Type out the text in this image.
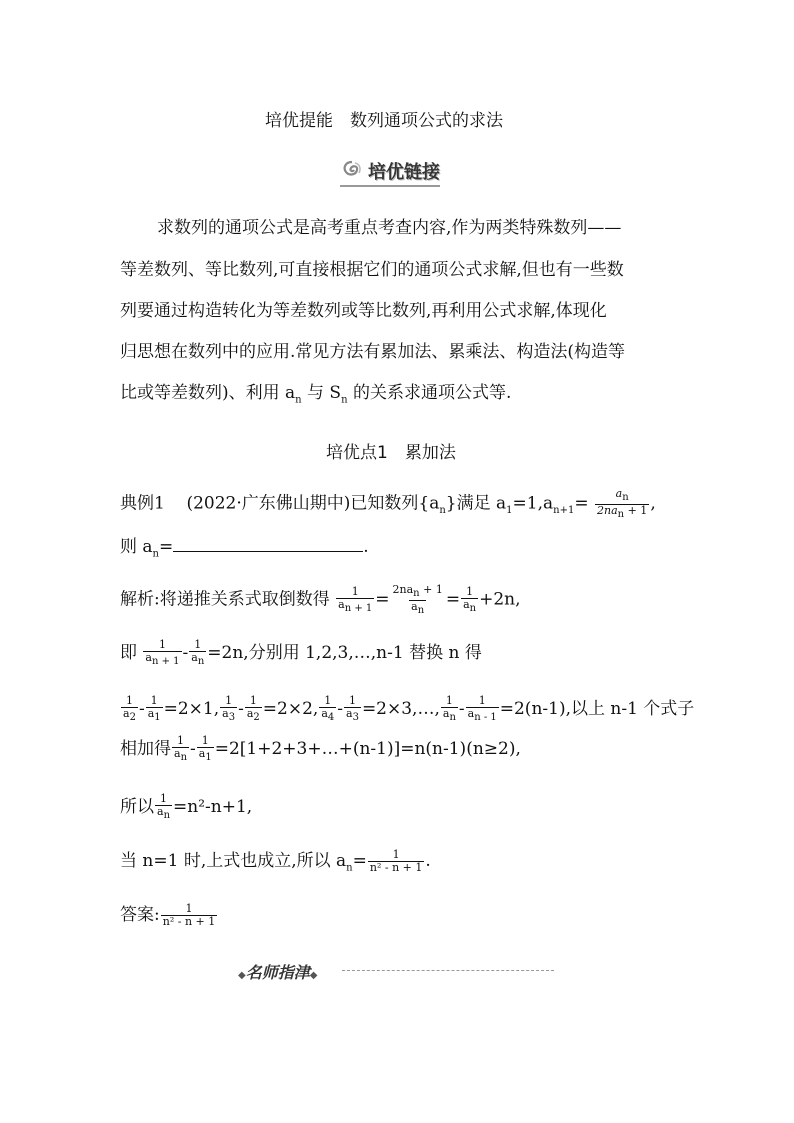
培优提能　数列通项公式的求法
培优链接
求数列的通项公式是高考重点考查内容,作为两类特殊数列——
等差数列、等比数列,可直接根据它们的通项公式求解,但也有一些数
列要通过构造转化为等差数列或等比数列,再利用公式求解,体现化
归思想在数列中的应用.常见方法有累加法、累乘法、构造法(构造等
比或等差数列)、利用 $a_n$ 与 $S_n$ 的关系求通项公式等.
培优点1　累加法
典例1 (2022·广东佛山期中)已知数列$\{a_n\}$满足 $a_1=1,a_{n+1}= \frac{a_n}{2na_n + 1}$ ,
则 $a_n=$	.
解析:将递推关系式取倒数得 $\frac{1}{a_{n + 1}} = \frac{2na_n + 1}{a_n} = \frac{1}{a_n} +2n$,
即 $\frac{1}{a_{n + 1}} - \frac{1}{a_n} =2n$,分别用 1,2,3,…,n-1 替换 n 得
$\frac{1}{a_2} - \frac{1}{a_1} =2\times 1$, $\frac{1}{a_3} - \frac{1}{a_2} =2\times 2$, $\frac{1}{a_4} - \frac{1}{a_3}$ =2×3,…, $\frac{1}{a_n} - \frac{1}{a_{n - 1}} =2(n-1)$,以上 n-1 个式子
相加得 $\frac{1}{a_n} - \frac{1}{a_1}$ =2[1+2+3+…+(n-1)]=n(n-1)(n≥2),
所以 $\frac{1}{a_n} =n^2-n+1$,
当 n=1 时,上式也成立,所以 $a_n= \frac{1}{\text{n² - n + 1}}$ .
答案: $\frac{1}{\text{n² - n + 1}}$
◆名师指津◆
